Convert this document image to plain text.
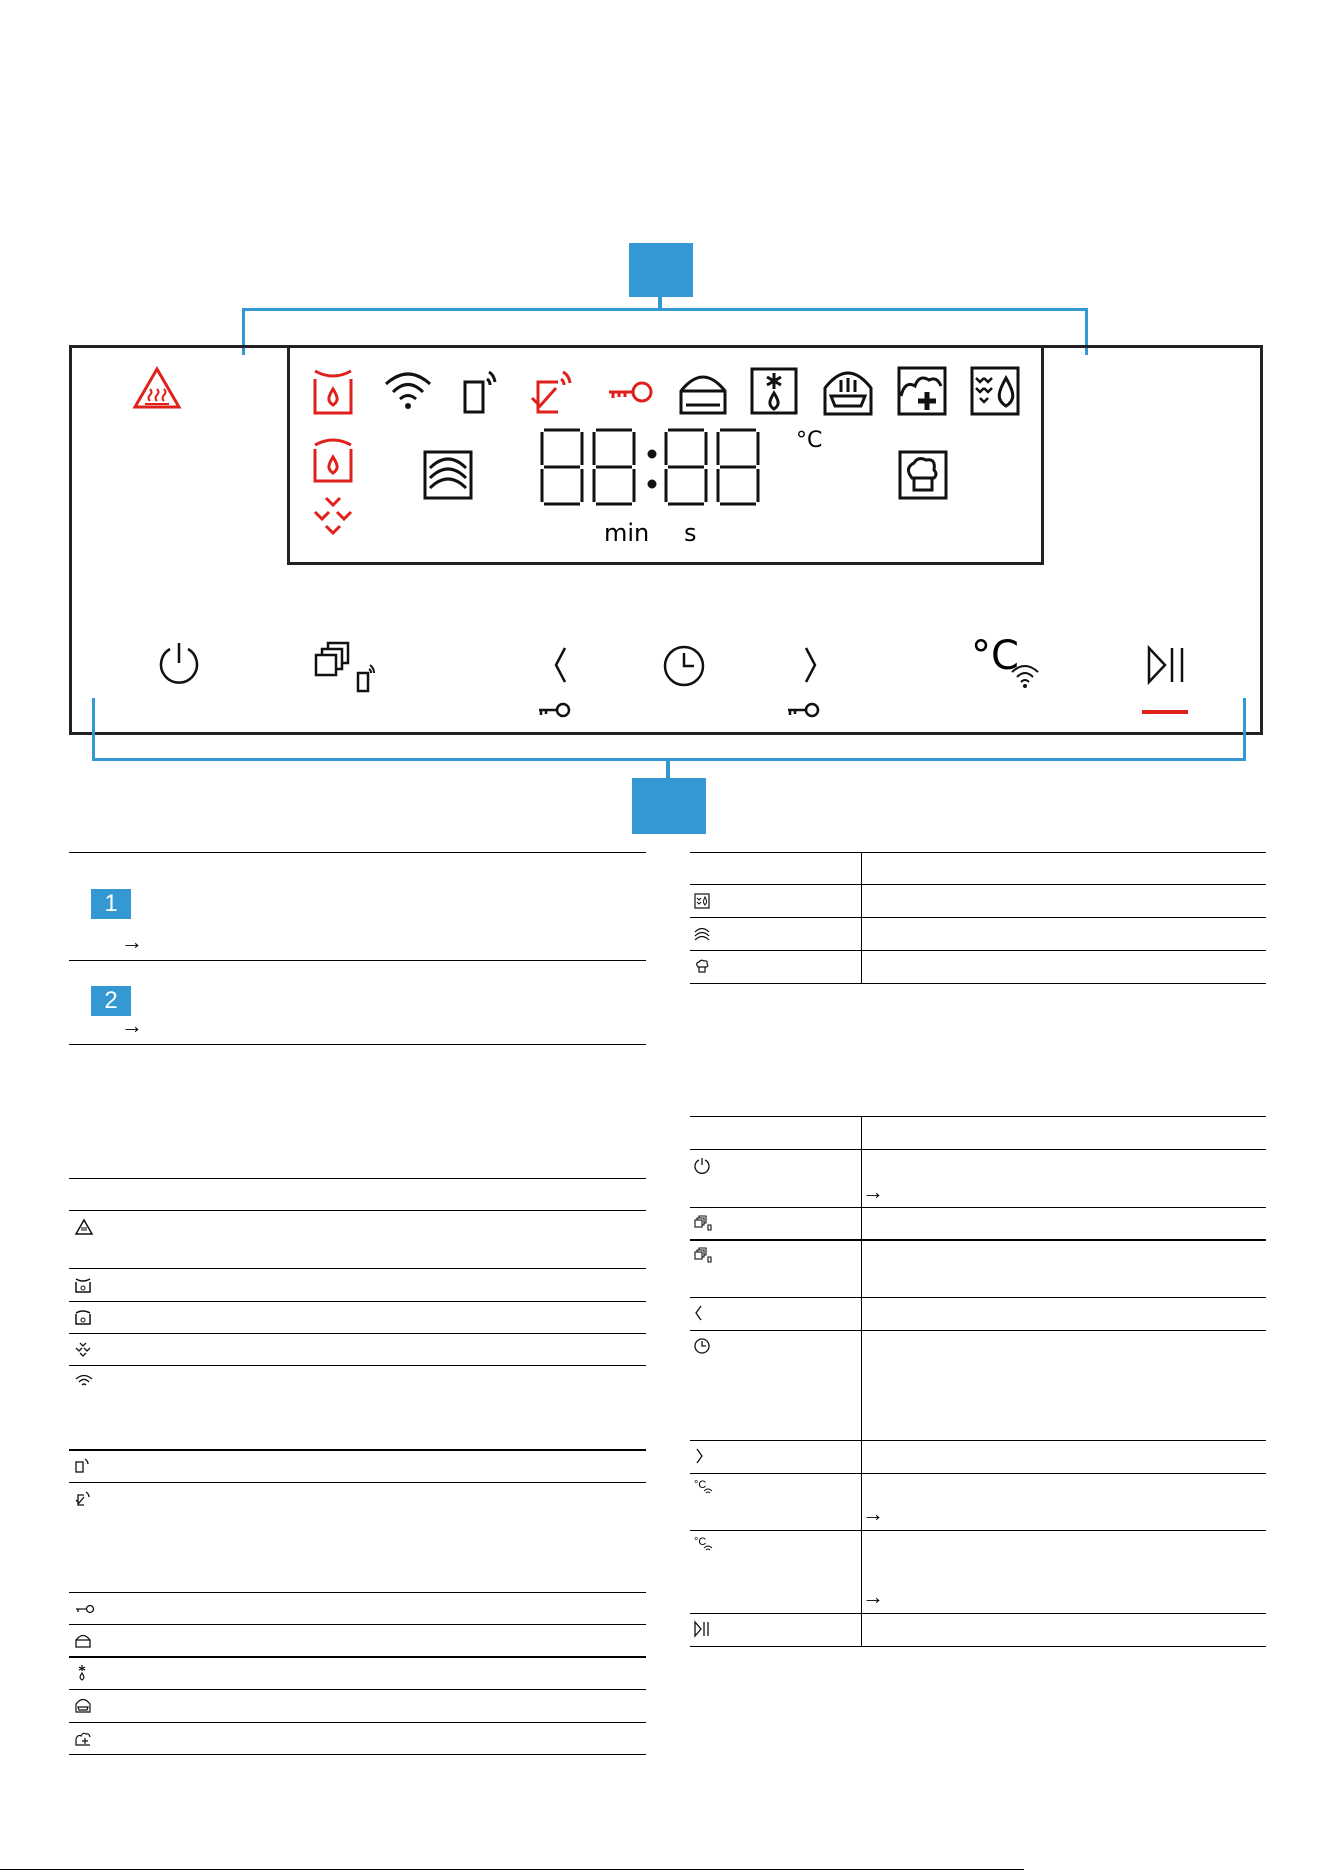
°C
min s
°C
1
→
2
→
→
°C
→
°C
→
